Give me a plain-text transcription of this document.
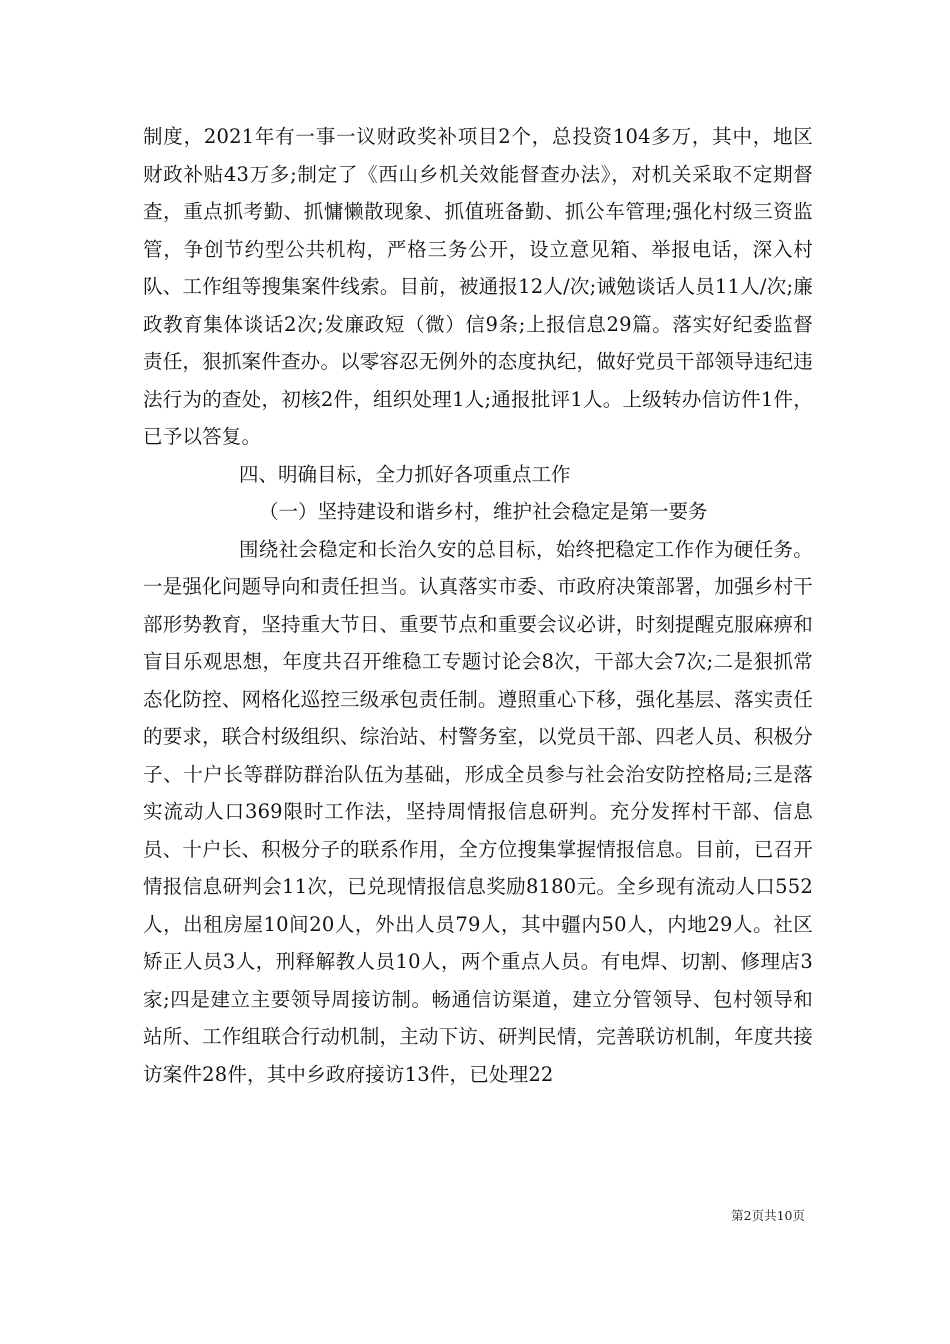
制度，2021年有一事一议财政奖补项目2个，总投资104多万，其中，地区财政补贴43万多;制定了《西山乡机关效能督查办法》，对机关采取不定期督查，重点抓考勤、抓慵懒散现象、抓值班备勤、抓公车管理;强化村级三资监管，争创节约型公共机构，严格三务公开，设立意见箱、举报电话，深入村队、工作组等搜集案件线索。目前，被通报12人/次;诫勉谈话人员11人/次;廉政教育集体谈话2次;发廉政短（微）信9条;上报信息29篇。落实好纪委监督责任，狠抓案件查办。以零容忍无例外的态度执纪，做好党员干部领导违纪违法行为的查处，初核2件，组织处理1人;通报批评1人。上级转办信访件1件，已予以答复。

四、明确目标，全力抓好各项重点工作

（一）坚持建设和谐乡村，维护社会稳定是第一要务

围绕社会稳定和长治久安的总目标，始终把稳定工作作为硬任务。一是强化问题导向和责任担当。认真落实市委、市政府决策部署，加强乡村干部形势教育，坚持重大节日、重要节点和重要会议必讲，时刻提醒克服麻痹和盲目乐观思想，年度共召开维稳工专题讨论会8次，干部大会7次;二是狠抓常态化防控、网格化巡控三级承包责任制。遵照重心下移，强化基层、落实责任的要求，联合村级组织、综治站、村警务室，以党员干部、四老人员、积极分子、十户长等群防群治队伍为基础，形成全员参与社会治安防控格局;三是落实流动人口369限时工作法，坚持周情报信息研判。充分发挥村干部、信息员、十户长、积极分子的联系作用，全方位搜集掌握情报信息。目前，已召开情报信息研判会11次，已兑现情报信息奖励8180元。全乡现有流动人口552人，出租房屋10间20人，外出人员79人，其中疆内50人，内地29人。社区矫正人员3人，刑释解教人员10人，两个重点人员。有电焊、切割、修理店3家;四是建立主要领导周接访制。畅通信访渠道，建立分管领导、包村领导和站所、工作组联合行动机制，主动下访、研判民情，完善联访机制，年度共接访案件28件，其中乡政府接访13件，已处理22

第2页共10页
